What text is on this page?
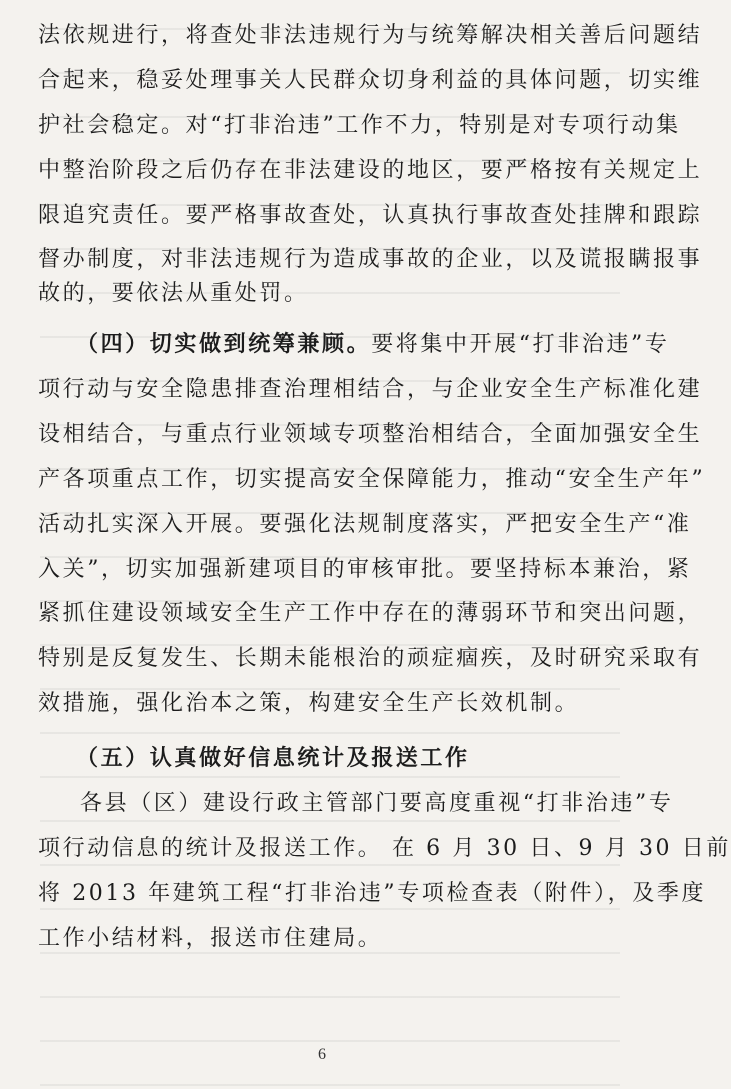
法依规进行，将查处非法违规行为与统筹解决相关善后问题结
合起来，稳妥处理事关人民群众切身利益的具体问题，切实维
护社会稳定。对“打非治违”工作不力，特别是对专项行动集
中整治阶段之后仍存在非法建设的地区，要严格按有关规定上
限追究责任。要严格事故查处，认真执行事故查处挂牌和跟踪
督办制度，对非法违规行为造成事故的企业，以及谎报瞒报事
故的，要依法从重处罚。
（四）切实做到统筹兼顾。要将集中开展“打非治违”专
项行动与安全隐患排查治理相结合，与企业安全生产标准化建
设相结合，与重点行业领域专项整治相结合，全面加强安全生
产各项重点工作，切实提高安全保障能力，推动“安全生产年”
活动扎实深入开展。要强化法规制度落实，严把安全生产“准
入关”，切实加强新建项目的审核审批。要坚持标本兼治，紧
紧抓住建设领域安全生产工作中存在的薄弱环节和突出问题，
特别是反复发生、长期未能根治的顽症痼疾，及时研究采取有
效措施，强化治本之策，构建安全生产长效机制。
（五）认真做好信息统计及报送工作
各县（区）建设行政主管部门要高度重视“打非治违”专
项行动信息的统计及报送工作。 在 6 月 30 日、9 月 30 日前
将 2013 年建筑工程“打非治违”专项检查表（附件），及季度
工作小结材料，报送市住建局。
6
